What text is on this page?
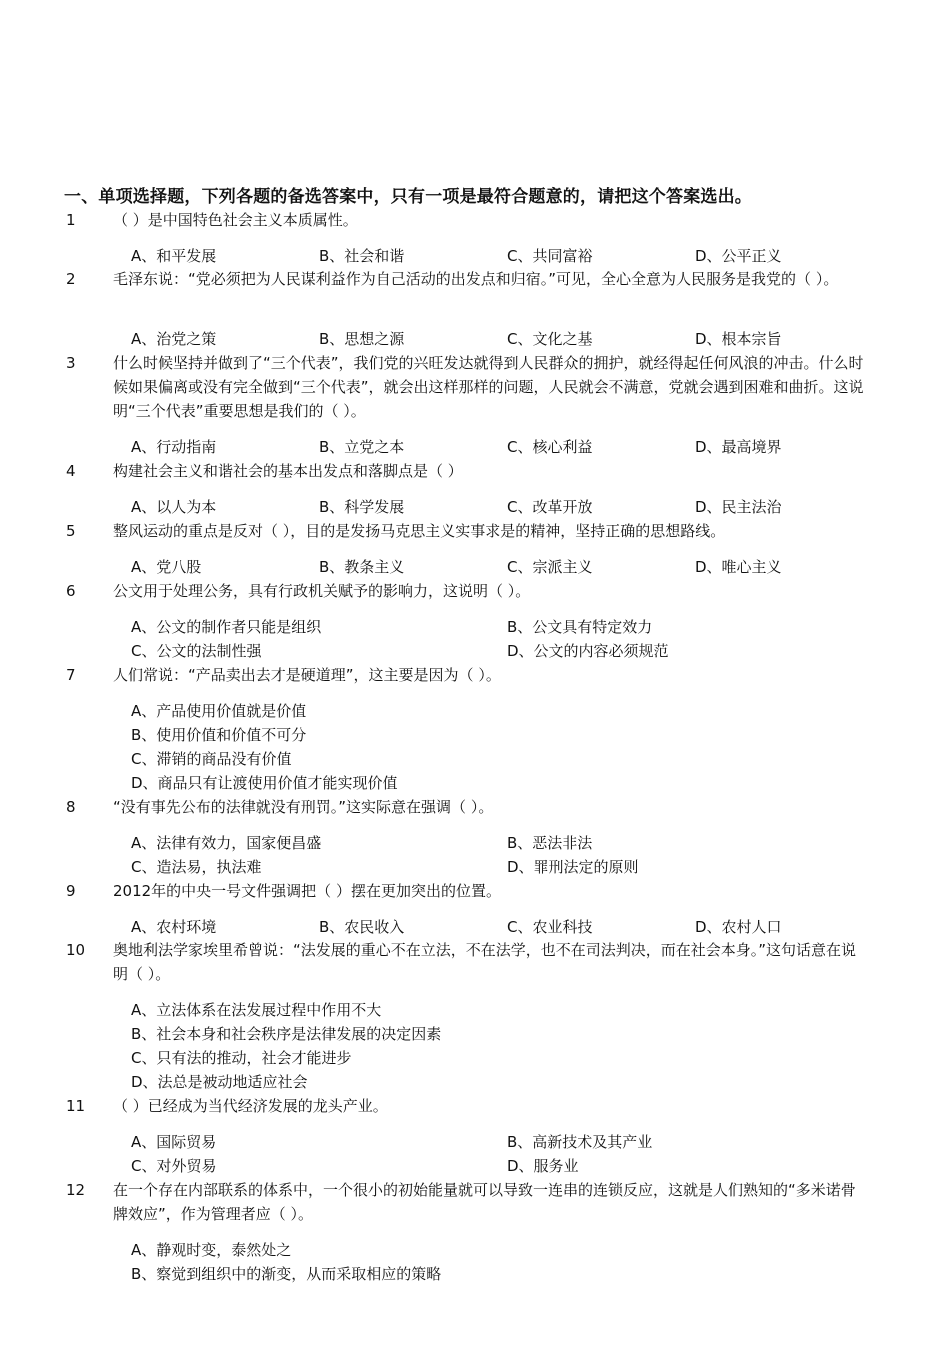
一、单项选择题，下列各题的备选答案中，只有一项是最符合题意的，请把这个答案选出。
1 （ ）是中国特色社会主义本质属性。
A、和平发展	B、社会和谐	C、共同富裕	D、公平正义
2 毛泽东说：“党必须把为人民谋利益作为自己活动的出发点和归宿。”可见，全心全意为人民服务是我党的（ ）。
A、治党之策	B、思想之源	C、文化之基	D、根本宗旨
3 什么时候坚持并做到了“三个代表”，我们党的兴旺发达就得到人民群众的拥护，就经得起任何风浪的冲击。什么时候如果偏离或没有完全做到“三个代表”，就会出这样那样的问题，人民就会不满意，党就会遇到困难和曲折。这说明“三个代表”重要思想是我们的（ ）。
A、行动指南	B、立党之本	C、核心利益	D、最高境界
4 构建社会主义和谐社会的基本出发点和落脚点是（ ）
A、以人为本	B、科学发展	C、改革开放	D、民主法治
5 整风运动的重点是反对（ ），目的是发扬马克思主义实事求是的精神，坚持正确的思想路线。
A、党八股	B、教条主义	C、宗派主义	D、唯心主义
6 公文用于处理公务，具有行政机关赋予的影响力，这说明（ ）。
A、公文的制作者只能是组织	B、公文具有特定效力
C、公文的法制性强	D、公文的内容必须规范
7 人们常说：“产品卖出去才是硬道理”，这主要是因为（ ）。
A、产品使用价值就是价值
B、使用价值和价值不可分
C、滞销的商品没有价值
D、商品只有让渡使用价值才能实现价值
8 “没有事先公布的法律就没有刑罚。”这实际意在强调（ ）。
A、法律有效力，国家便昌盛	B、恶法非法
C、造法易，执法难	D、罪刑法定的原则
9 2012年的中央一号文件强调把（ ）摆在更加突出的位置。
A、农村环境	B、农民收入	C、农业科技	D、农村人口
10 奥地利法学家埃里希曾说：“法发展的重心不在立法，不在法学，也不在司法判决，而在社会本身。”这句话意在说明（ ）。
A、立法体系在法发展过程中作用不大
B、社会本身和社会秩序是法律发展的决定因素
C、只有法的推动，社会才能进步
D、法总是被动地适应社会
11 （ ）已经成为当代经济发展的龙头产业。
A、国际贸易	B、高新技术及其产业
C、对外贸易	D、服务业
12 在一个存在内部联系的体系中，一个很小的初始能量就可以导致一连串的连锁反应，这就是人们熟知的“多米诺骨牌效应”，作为管理者应（ ）。
A、静观时变，泰然处之
B、察觉到组织中的渐变，从而采取相应的策略
